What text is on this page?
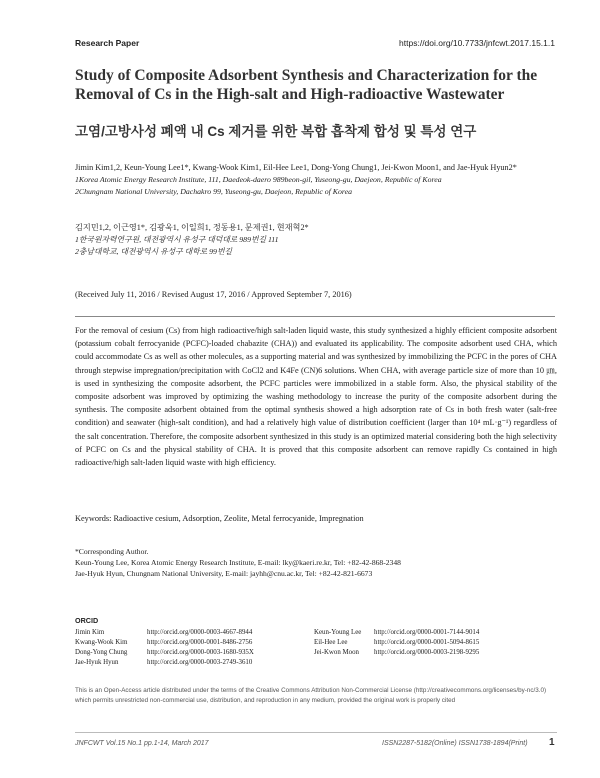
Research Paper	https://doi.org/10.7733/jnfcwt.2017.15.1.1
Study of Composite Adsorbent Synthesis and Characterization for the
Removal of Cs in the High-salt and High-radioactive Wastewater
고염/고방사성 폐액 내 Cs 제거를 위한 복합 흡착제 합성 및 특성 연구
Jimin Kim1,2, Keun-Young Lee1*, Kwang-Wook Kim1, Eil-Hee Lee1, Dong-Yong Chung1, Jei-Kwon Moon1, and Jae-Hyuk Hyun2*
1Korea Atomic Energy Research Institute, 111, Daedeok-daero 989beon-gil, Yuseong-gu, Daejeon, Republic of Korea
2Chungnam National University, Dachakro 99, Yuseong-gu, Daejeon, Republic of Korea
김지민1,2, 이근영1*, 김광욱1, 이일희1, 정동용1, 문제권1, 현재혁2*
1한국원자력연구원, 대전광역시 유성구 대덕대로 989번길 111
2충남대학교, 대전광역시 유성구 대학로 99번길
(Received July 11, 2016 / Revised August 17, 2016 / Approved September 7, 2016)
For the removal of cesium (Cs) from high radioactive/high salt-laden liquid waste, this study synthesized a highly efficient composite adsorbent (potassium cobalt ferrocyanide (PCFC)-loaded chabazite (CHA)) and evaluated its applicability. The composite adsorbent used CHA, which could accommodate Cs as well as other molecules, as a supporting material and was synthesized by immobilizing the PCFC in the pores of CHA through stepwise impregnation/precipitation with CoCl2 and K4Fe (CN)6 solutions. When CHA, with average particle size of more than 10 ㎛, is used in synthesizing the composite adsorbent, the PCFC particles were immobilized in a stable form. Also, the physical stability of the composite adsorbent was improved by optimizing the washing methodology to increase the purity of the composite adsorbent during the synthesis. The composite adsorbent obtained from the optimal synthesis showed a high adsorption rate of Cs in both fresh water (salt-free condition) and seawater (high-salt condition), and had a relatively high value of distribution coefficient (larger than 10⁴ mL·g⁻¹) regardless of the salt concentration. Therefore, the composite adsorbent synthesized in this study is an optimized material considering both the high selectivity of PCFC on Cs and the physical stability of CHA. It is proved that this composite adsorbent can remove rapidly Cs contained in high radioactive/high salt-laden liquid waste with high efficiency.
Keywords: Radioactive cesium, Adsorption, Zeolite, Metal ferrocyanide, Impregnation
*Corresponding Author.
Keun-Young Lee, Korea Atomic Energy Research Institute, E-mail: lky@kaeri.re.kr, Tel: +82-42-868-2348
Jae-Hyuk Hyun, Chungnam National University, E-mail: jayhh@cnu.ac.kr, Tel: +82-42-821-6673
ORCID
Jimin Kim	http://orcid.org/0000-0003-4667-8944
Kwang-Wook Kim	http://orcid.org/0000-0001-8486-2756
Dong-Yong Chung	http://orcid.org/0000-0003-1680-935X
Jae-Hyuk Hyun	http://orcid.org/0000-0003-2749-3610
Keun-Young Lee	http://orcid.org/0000-0001-7144-9014
Eil-Hee Lee	http://orcid.org/0000-0001-5094-8615
Jei-Kwon Moon	http://orcid.org/0000-0003-2198-9295
This is an Open-Access article distributed under the terms of the Creative Commons Attribution Non-Commercial License (http://creativecommons.org/licenses/by-nc/3.0) which permits unrestricted non-commercial use, distribution, and reproduction in any medium, provided the original work is properly cited
JNFCWT Vol.15 No.1 pp.1-14, March 2017	ISSN2287-5182(Online) ISSN1738-1894(Print) 1
